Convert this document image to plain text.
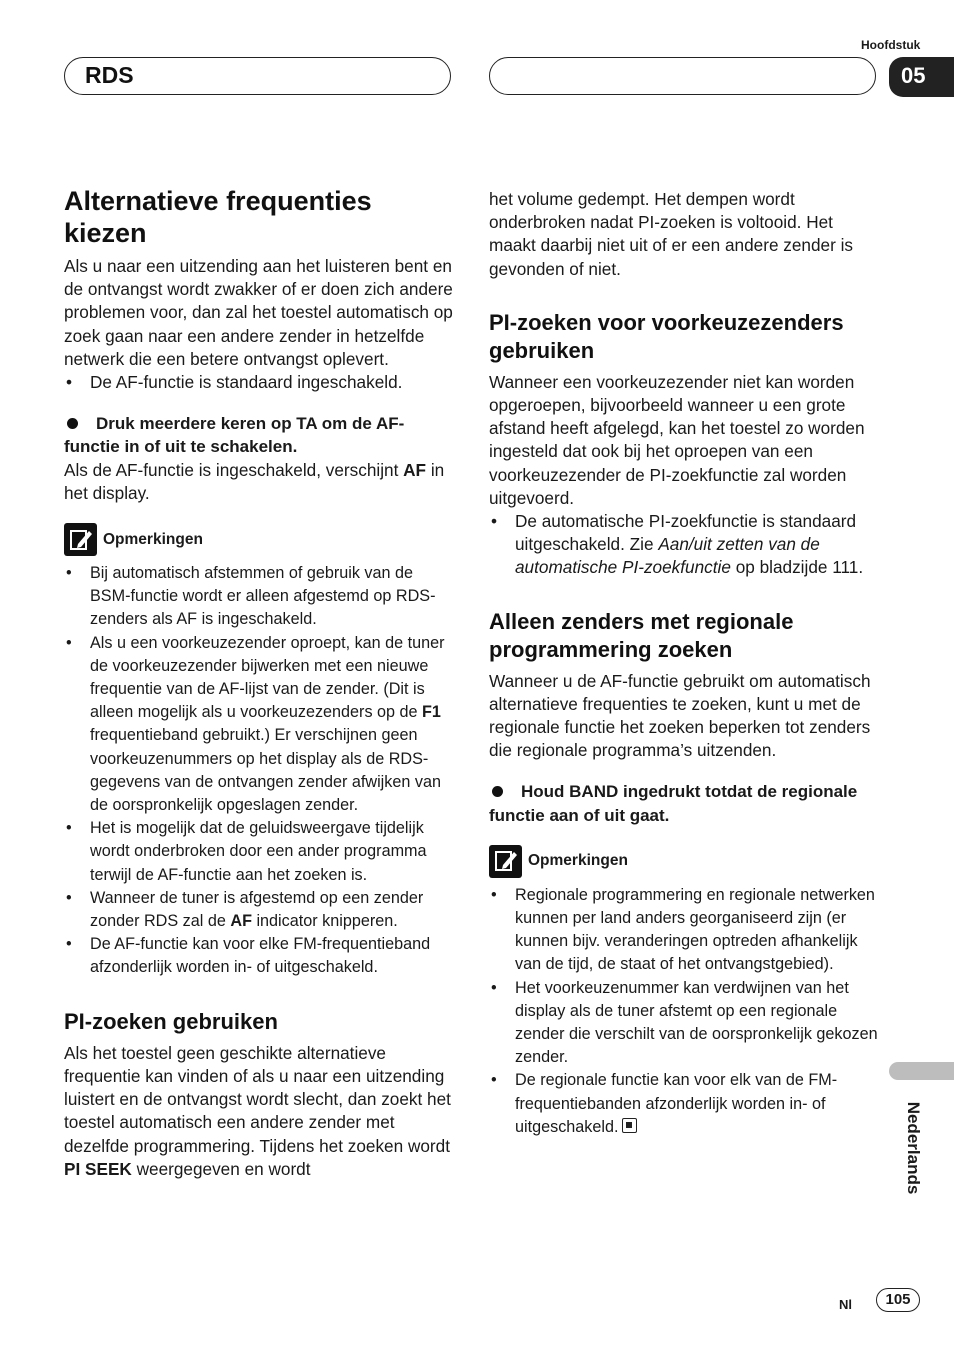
RDS
Hoofdstuk
05
Alternatieve frequenties kiezen

Als u naar een uitzending aan het luisteren bent en de ontvangst wordt zwakker of er doen zich andere problemen voor, dan zal het toestel automatisch op zoek gaan naar een andere zender in hetzelfde netwerk die een betere ontvangst oplevert.

• De AF-functie is standaard ingeschakeld.
Druk meerdere keren op TA om de AF-functie in of uit te schakelen.

Als de AF-functie is ingeschakeld, verschijnt AF in het display.

Opmerkingen
• Bij automatisch afstemmen of gebruik van de BSM-functie wordt er alleen afgestemd op RDS-zenders als AF is ingeschakeld.
• Als u een voorkeuzezender oproept, kan de tuner de voorkeuzezender bijwerken met een nieuwe frequentie van de AF-lijst van de zender. (Dit is alleen mogelijk als u voorkeuzezenders op de F1 frequentieband gebruikt.) Er verschijnen geen voorkeuzenummers op het display als de RDS-gegevens van de ontvangen zender afwijken van de oorspronkelijk opgeslagen zender.
• Het is mogelijk dat de geluidsweergave tijdelijk wordt onderbroken door een ander programma terwijl de AF-functie aan het zoeken is.
• Wanneer de tuner is afgestemd op een zender zonder RDS zal de AF indicator knipperen.
• De AF-functie kan voor elke FM-frequentieband afzonderlijk worden in- of uitgeschakeld.
PI-zoeken gebruiken

Als het toestel geen geschikte alternatieve frequentie kan vinden of als u naar een uitzending luistert en de ontvangst wordt slecht, dan zoekt het toestel automatisch een andere zender met dezelfde programmering. Tijdens het zoeken wordt PI SEEK weergegeven en wordt

het volume gedempt. Het dempen wordt onderbroken nadat PI-zoeken is voltooid. Het maakt daarbij niet uit of er een andere zender is gevonden of niet.

PI-zoeken voor voorkeuzezenders gebruiken

Wanneer een voorkeuzezender niet kan worden opgeroepen, bijvoorbeeld wanneer u een grote afstand heeft afgelegd, kan het toestel zo worden ingesteld dat ook bij het oproepen van een voorkeuzezender de PI-zoekfunctie zal worden uitgevoerd.

• De automatische PI-zoekfunctie is standaard uitgeschakeld. Zie Aan/uit zetten van de automatische PI-zoekfunctie op bladzijde 111.
Alleen zenders met regionale programmering zoeken

Wanneer u de AF-functie gebruikt om automatisch alternatieve frequenties te zoeken, kunt u met de regionale functie het zoeken beperken tot zenders die regionale programma’s uitzenden.

Houd BAND ingedrukt totdat de regionale functie aan of uit gaat.
Opmerkingen
• Regionale programmering en regionale netwerken kunnen per land anders georganiseerd zijn (er kunnen bijv. veranderingen optreden afhankelijk van de tijd, de staat of het ontvangstgebied).
• Het voorkeuzenummer kan verdwijnen van het display als de tuner afstemt op een regionale zender die verschilt van de oorspronkelijk gekozen zender.
• De regionale functie kan voor elk van de FM-frequentiebanden afzonderlijk worden in- of uitgeschakeld.	Nederlands
Nl	105
